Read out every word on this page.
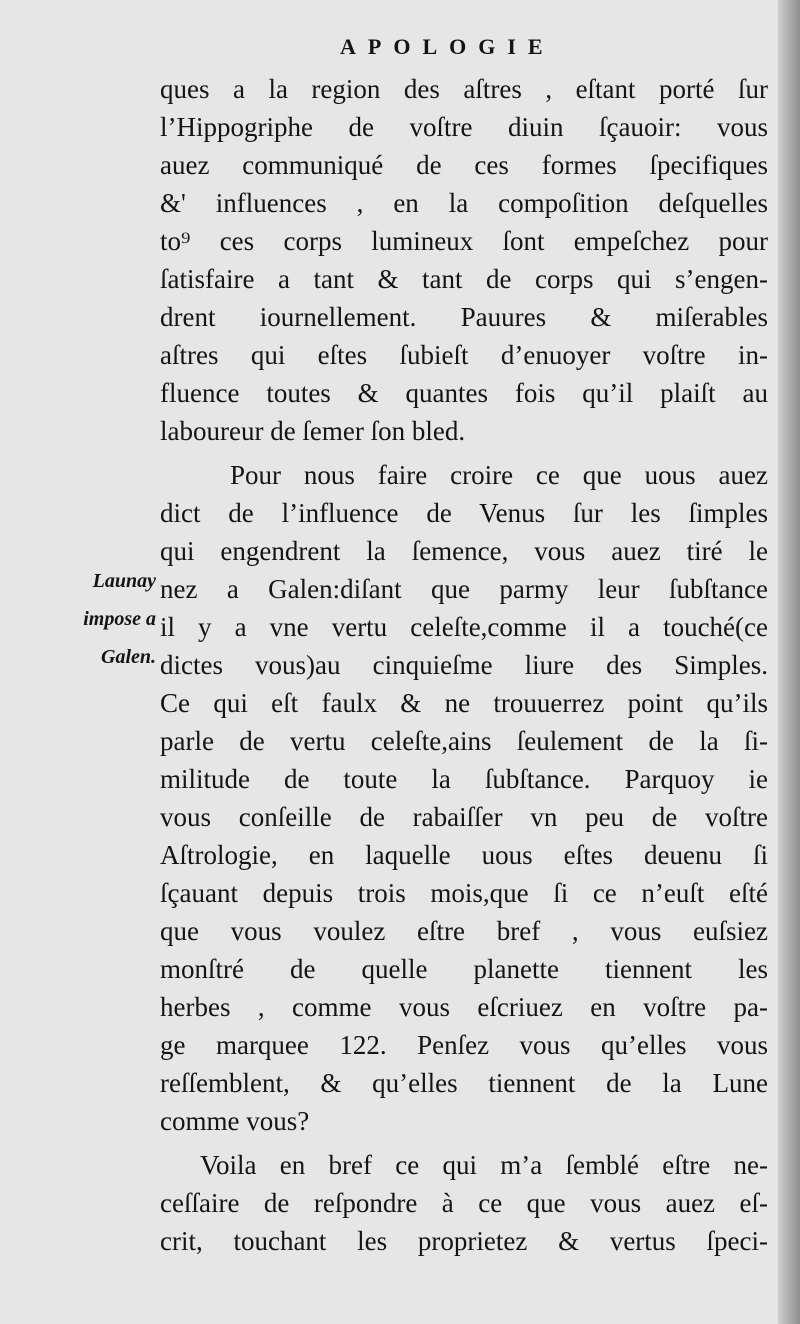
APOLOGIE
Launay
impose a
Galen.
ques a la region des aſtres , eſtant porté ſur
l’Hippogriphe de voſtre diuin ſçauoir: vous
auez communiqué de ces formes ſpecifiques
&' influences , en la compoſition deſquelles
to⁹ ces corps lumineux ſont empeſchez pour
ſatisfaire a tant & tant de corps qui s’engen-
drent iournellement. Pauures & miſerables
aſtres qui eſtes ſubieſt d’enuoyer voſtre in-
fluence toutes & quantes fois qu’il plaiſt au
laboureur de ſemer ſon bled.
Pour nous faire croire ce que uous auez
dict de l’influence de Venus ſur les ſimples
qui engendrent la ſemence, vous auez tiré le
nez a Galen:diſant que parmy leur ſubſtance
il y a vne vertu celeſte,comme il a touché(ce
dictes vous)au cinquieſme liure des Simples.
Ce qui eſt faulx & ne trouuerrez point qu’ils
parle de vertu celeſte,ains ſeulement de la ſi-
militude de toute la ſubſtance. Parquoy ie
vous conſeille de rabaiſſer vn peu de voſtre
Aſtrologie, en laquelle uous eſtes deuenu ſi
ſçauant depuis trois mois,que ſi ce n’euſt eſté
que vous voulez eſtre bref , vous euſsiez
monſtré de quelle planette tiennent les
herbes , comme vous eſcriuez en voſtre pa-
ge marquee 122. Penſez vous qu’elles vous
reſſemblent, & qu’elles tiennent de la Lune
comme vous?
Voila en bref ce qui m’a ſemblé eſtre ne-
ceſſaire de reſpondre à ce que vous auez eſ-
crit, touchant les proprietez & vertus ſpeci-
